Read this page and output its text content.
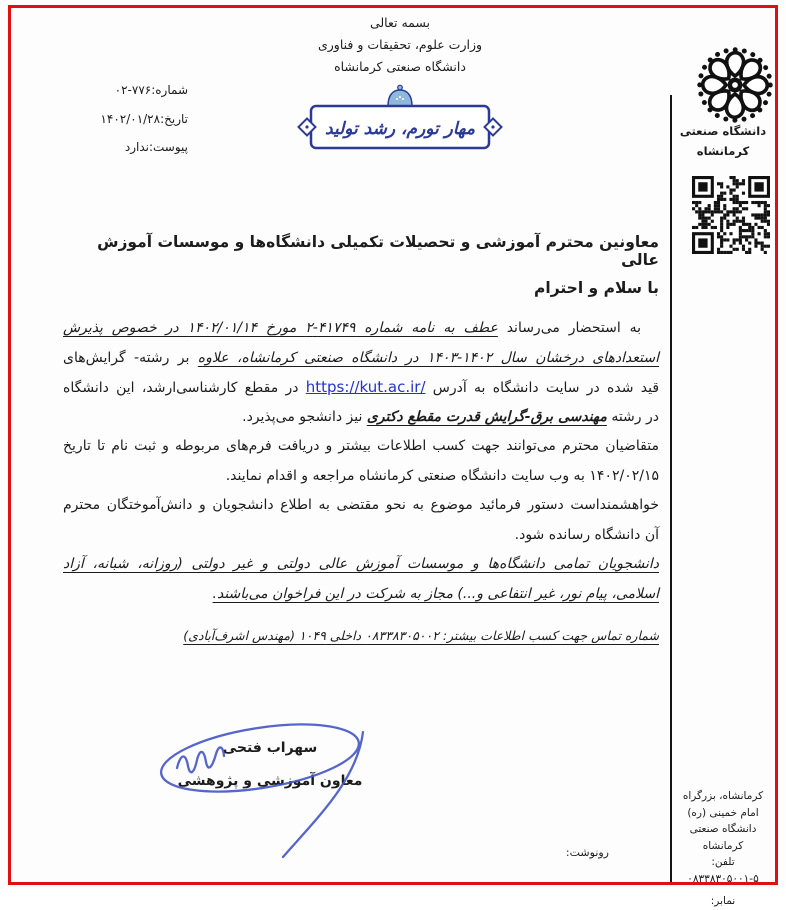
بسمه تعالی
وزارت علوم، تحقیقات و فناوری
دانشگاه صنعتی کرمانشاه
مهار تورم، رشد تولید
شماره:۷۷۶-۰۲
تاریخ:۱۴۰۲/۰۱/۲۸
پیوست:ندارد
معاونین محترم آموزشی و تحصیلات تکمیلی دانشگاه‌ها و موسسات آموزش عالی
با سلام و احترام
به استحضار می‌رساند عطف به نامه شماره ۴۱۷۴۹-۲ مورخ ۱۴۰۲/۰۱/۱۴ در خصوص پذیرش
استعدادهای درخشان سال ۱۴۰۲-۱۴۰۳ در دانشگاه صنعتی کرمانشاه، علاوه بر رشته- گرایش‌های
قید شده در سایت دانشگاه به آدرس https://kut.ac.ir/ در مقطع کارشناسی‌ارشد، این دانشگاه
در رشته مهندسی برق-گرایش قدرت مقطع دکتری نیز دانشجو می‌پذیرد.
متقاضیان محترم می‌توانند جهت کسب اطلاعات بیشتر و دریافت فرم‌های مربوطه و ثبت نام تا تاریخ
۱۴۰۲/۰۲/۱۵ به وب سایت دانشگاه صنعتی کرمانشاه مراجعه و اقدام نمایند.
خواهشمنداست دستور فرمائید موضوع به نحو مقتضی به اطلاع دانشجویان و دانش‌آموختگان محترم
آن دانشگاه رسانده شود.
دانشجویان تمامی دانشگاه‌ها و موسسات آموزش عالی دولتی و غیر دولتی (روزانه، شبانه، آزاد
اسلامی، پیام نور، غیر انتفاعی و...) مجاز به شرکت در این فراخوان می‌باشند.
شماره تماس جهت کسب اطلاعات بیشتر: ۰۸۳۳۸۳۰۵۰۰۲ داخلی ۱۰۴۹ (مهندس اشرف‌آبادی)
سهراب فتحی
معاون آموزشی و پژوهشی
رونوشت:
دانشگاه صنعتی
کرمانشاه
کرمانشاه، بزرگراه
امام خمینی (ره)
دانشگاه صنعتی کرمانشاه
تلفن:
۰۸۳۳۸۳۰۵۰۰۱-۵
نمابر:
